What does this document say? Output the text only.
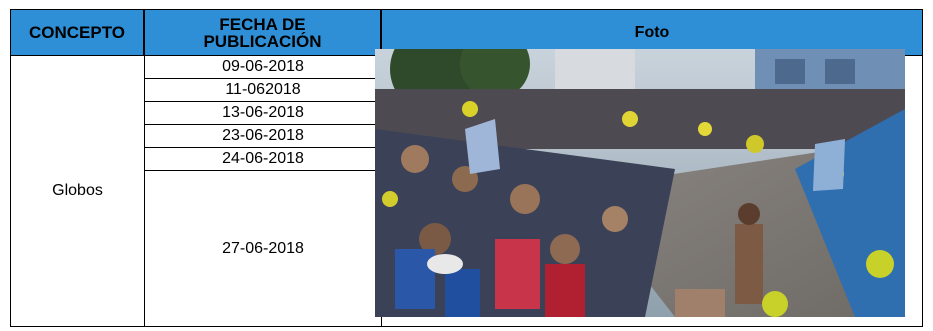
CONCEPTO	FECHA DE
PUBLICACIÓN	Foto
Globos
09-06-2018
11-062018
13-06-2018
23-06-2018
24-06-2018
27-06-2018
